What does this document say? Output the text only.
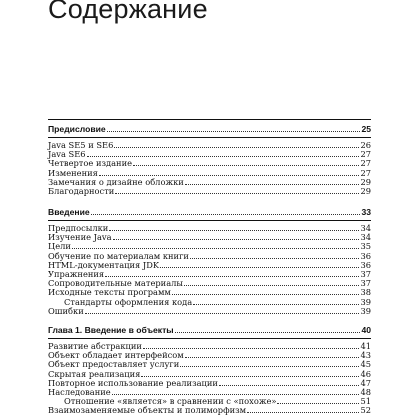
Содержание
Предисловие	25
Java SE5 и SE6	26
Java SE6	27
Четвертое издание	27
Изменения	27
Замечания о дизайне обложки	29
Благодарности	29
Введение	33
Предпосылки	34
Изучение Java	34
Цели	35
Обучение по материалам книги	36
HTML-документация JDK	36
Упражнения	37
Сопроводительные материалы	37
Исходные тексты программ	38
Стандарты оформления кода	39
Ошибки	39
Глава 1. Введение в объекты	40
Развитие абстракции	41
Объект обладает интерфейсом	43
Объект предоставляет услуги	45
Скрытая реализация	46
Повторное использование реализации	47
Наследование	48
Отношение «является» в сравнении с «похоже»	51
Взаимозаменяемые объекты и полиморфизм	52
